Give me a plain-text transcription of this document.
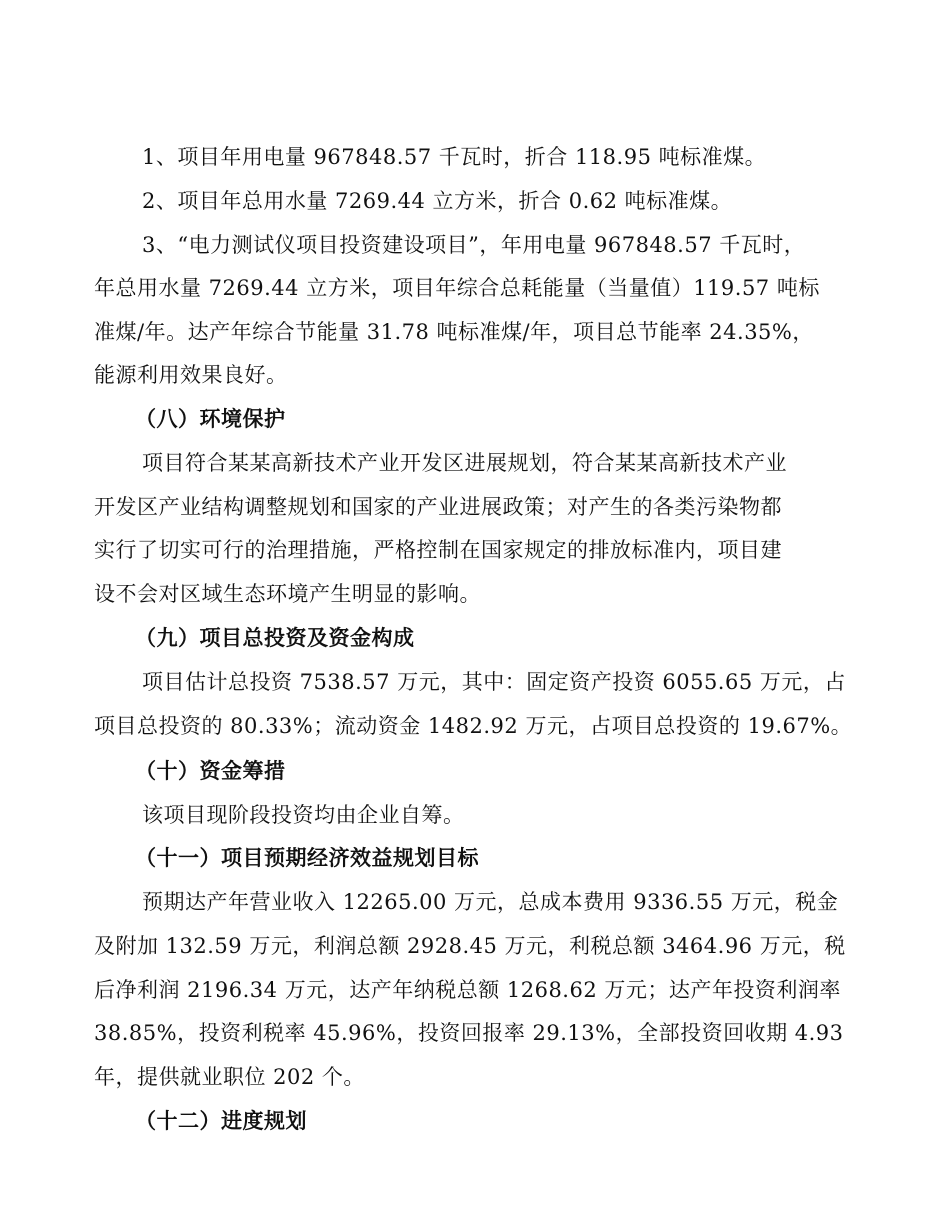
1、项目年用电量 967848.57 千瓦时，折合 118.95 吨标准煤。
2、项目年总用水量 7269.44 立方米，折合 0.62 吨标准煤。
3、“电力测试仪项目投资建设项目”，年用电量 967848.57 千瓦时，
年总用水量 7269.44 立方米，项目年综合总耗能量（当量值）119.57 吨标
准煤/年。达产年综合节能量 31.78 吨标准煤/年，项目总节能率 24.35%，
能源利用效果良好。
（八）环境保护
项目符合某某高新技术产业开发区进展规划，符合某某高新技术产业
开发区产业结构调整规划和国家的产业进展政策；对产生的各类污染物都
实行了切实可行的治理措施，严格控制在国家规定的排放标准内，项目建
设不会对区域生态环境产生明显的影响。
（九）项目总投资及资金构成
项目估计总投资 7538.57 万元，其中：固定资产投资 6055.65 万元，占
项目总投资的 80.33%；流动资金 1482.92 万元，占项目总投资的 19.67%。
（十）资金筹措
该项目现阶段投资均由企业自筹。
（十一）项目预期经济效益规划目标
预期达产年营业收入 12265.00 万元，总成本费用 9336.55 万元，税金
及附加 132.59 万元，利润总额 2928.45 万元，利税总额 3464.96 万元，税
后净利润 2196.34 万元，达产年纳税总额 1268.62 万元；达产年投资利润率
38.85%，投资利税率 45.96%，投资回报率 29.13%，全部投资回收期 4.93
年，提供就业职位 202 个。
（十二）进度规划
